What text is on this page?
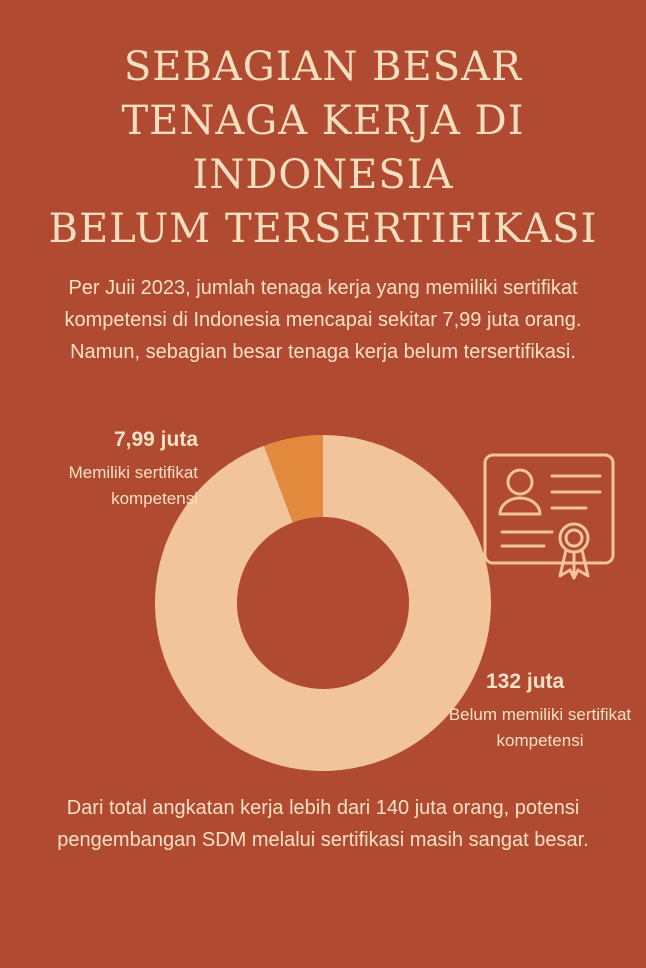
SEBAGIAN BESAR
TENAGA KERJA DI
INDONESIA
BELUM TERSERTIFIKASI

Per Juii 2023, jumlah tenaga kerja yang memiliki sertifikat kompetensi di Indonesia mencapai sekitar 7,99 juta orang. Namun, sebagian besar tenaga kerja belum tersertifikasi.

7,99 juta
Memiliki sertifikat kompetensi
132 juta
Belum memiliki sertifikat kompetensi

Dari total angkatan kerja lebih dari 140 juta orang, potensi pengembangan SDM melalui sertifikasi masih sangat besar.
